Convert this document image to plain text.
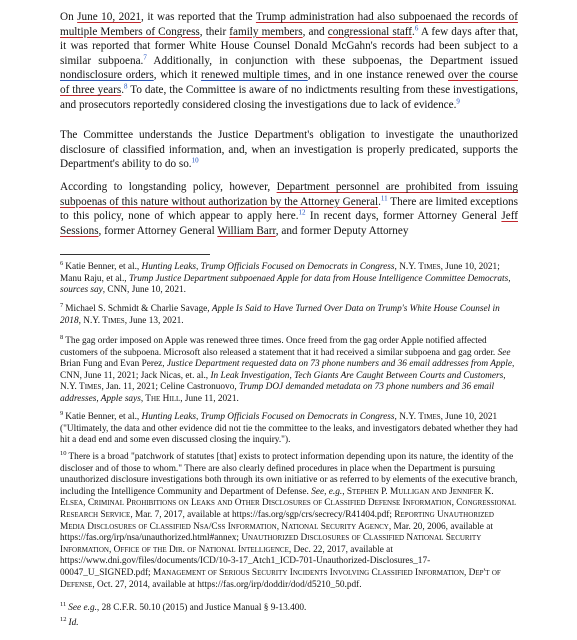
On June 10, 2021, it was reported that the Trump administration had also subpoenaed the records of multiple Members of Congress, their family members, and congressional staff.$^6$ A few days after that, it was reported that former White House Counsel Donald McGahn's records had been subject to a similar subpoena.$^7$ Additionally, in conjunction with these subpoenas, the Department issued nondisclosure orders, which it renewed multiple times, and in one instance renewed over the course of three years.$^8$ To date, the Committee is aware of no indictments resulting from these investigations, and prosecutors reportedly considered closing the investigations due to lack of evidence.$^9$

The Committee understands the Justice Department's obligation to investigate the unauthorized disclosure of classified information, and, when an investigation is properly predicated, supports the Department's ability to do so.$^{10}$

According to longstanding policy, however, Department personnel are prohibited from issuing subpoenas of this nature without authorization by the Attorney General.$^{11}$ There are limited exceptions to this policy, none of which appear to apply here.$^{12}$ In recent days, former Attorney General Jeff Sessions, former Attorney General William Barr, and former Deputy Attorney

$^6$ Katie Benner, et al., Hunting Leaks, Trump Officials Focused on Democrats in Congress, N.Y. Times, June 10, 2021; Manu Raju, et al., Trump Justice Department subpoenaed Apple for data from House Intelligence Committee Democrats, sources say, CNN, June 10, 2021.
$^7$ Michael S. Schmidt & Charlie Savage, Apple Is Said to Have Turned Over Data on Trump's White House Counsel in 2018, N.Y. Times, June 13, 2021.
$^8$ The gag order imposed on Apple was renewed three times. Once freed from the gag order Apple notified affected customers of the subpoena. Microsoft also released a statement that it had received a similar subpoena and gag order. See Brian Fung and Evan Perez, Justice Department requested data on 73 phone numbers and 36 email addresses from Apple, CNN, June 11, 2021; Jack Nicas, et. al., In Leak Investigation, Tech Giants Are Caught Between Courts and Customers, N.Y. Times, Jan. 11, 2021; Celine Castronuovo, Trump DOJ demanded metadata on 73 phone numbers and 36 email addresses, Apple says, The Hill, June 11, 2021.
$^9$ Katie Benner, et al., Hunting Leaks, Trump Officials Focused on Democrats in Congress, N.Y. Times, June 10, 2021 ("Ultimately, the data and other evidence did not tie the committee to the leaks, and investigators debated whether they had hit a dead end and some even discussed closing the inquiry.").
$^{10}$ There is a broad "patchwork of statutes [that] exists to protect information depending upon its nature, the identity of the discloser and of those to whom." There are also clearly defined procedures in place when the Department is pursuing unauthorized disclosure investigations both through its own initiative or as referred to by elements of the executive branch, including the Intelligence Community and Department of Defense. See, e.g., Stephen P. Mulligan and Jennifer K. Elsea, Criminal Prohibitions on Leaks and Other Disclosures of Classified Defense Information, Congressional Research Service, Mar. 7, 2017, available at https://fas.org/sgp/crs/secrecy/R41404.pdf; Reporting Unauthorized Media Disclosures of Classified Nsa/Css Information, National Security Agency, Mar. 20, 2006, available at https://fas.org/irp/nsa/unauthorized.html#annex; Unauthorized Disclosures of Classified National Security Information, Office of the Dir. of National Intelligence, Dec. 22, 2017, available at https://www.dni.gov/files/documents/ICD/10-3-17_Atch1_ICD-701-Unauthorized-Disclosures_17-00047_U_SIGNED.pdf; Management of Serious Security Incidents Involving Classified Information, Dep't of Defense, Oct. 27, 2014, available at https://fas.org/irp/doddir/dod/d5210_50.pdf.
$^{11}$ See e.g., 28 C.F.R. 50.10 (2015) and Justice Manual § 9-13.400.
$^{12}$ Id.
